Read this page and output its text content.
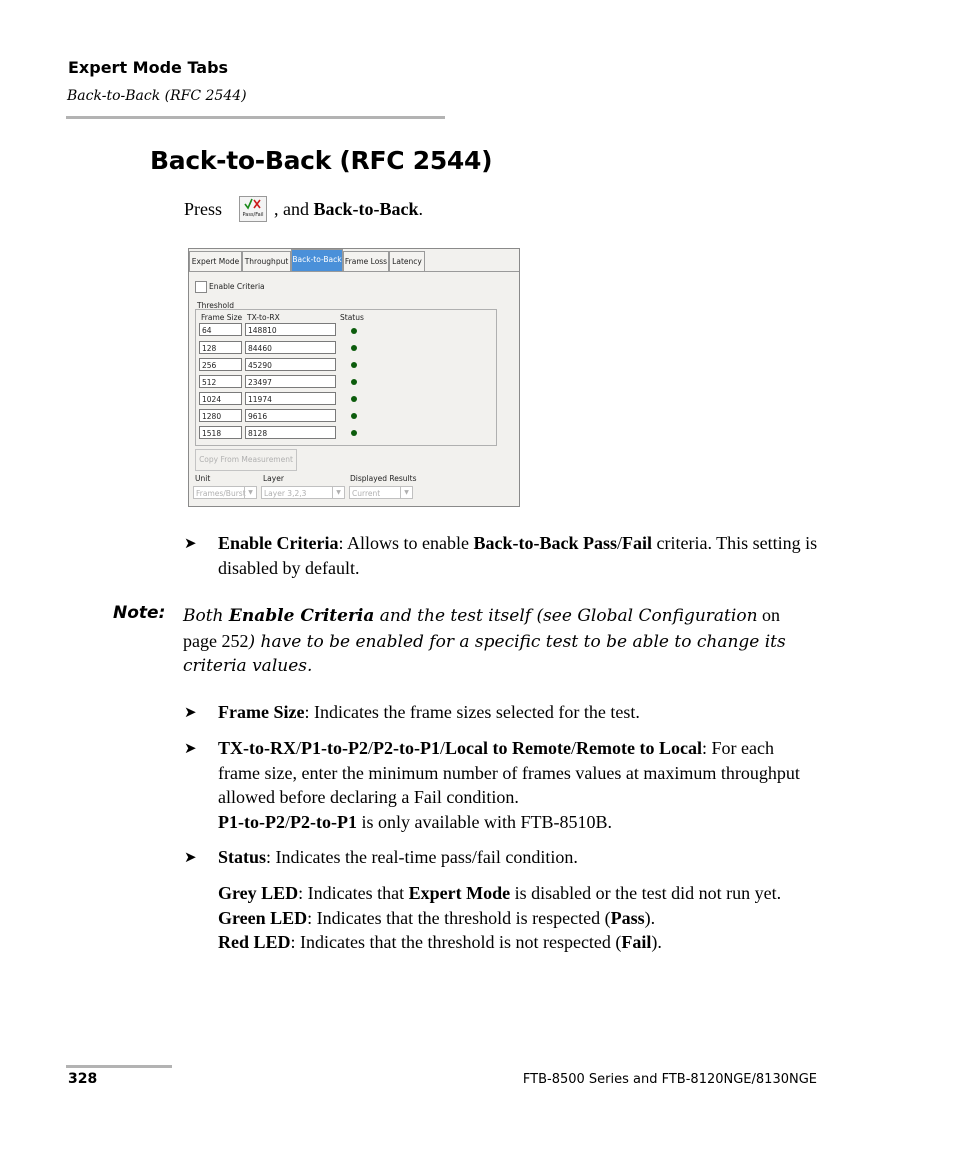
Expert Mode Tabs
Back-to-Back (RFC 2544)
Back-to-Back (RFC 2544)
Press	Pass/Fail , and
Back-to-Back .
Expert Mode Throughput Back-to-Back Frame Loss Latency
Enable Criteria
Threshold
Frame Size TX-to-RX	Status
64	148810
128	84460
256	45290
512	23497
1024	11974
1280	9616
1518	8128
Copy From Measurement
Unit
Frames/Burst ▼
Layer
Layer 3,2,3	▼
Displayed Results
Current	▼
➤ Enable Criteria: Allows to enable Back-to-Back Pass/Fail criteria. This setting is disabled by default.
Note: Both Enable Criteria and the test itself (see Global Configuration on page 252) have to be enabled for a specific test to be able to change its criteria values.
➤ Frame Size: Indicates the frame sizes selected for the test.
➤ TX-to-RX/P1-to-P2/P2-to-P1/Local to Remote/Remote to Local: For each frame size, enter the minimum number of frames values at maximum throughput allowed before declaring a Fail condition.
P1-to-P2/P2-to-P1 is only available with FTB-8510B.
➤ Status: Indicates the real-time pass/fail condition.
Grey LED: Indicates that Expert Mode is disabled or the test did not run yet.
Green LED: Indicates that the threshold is respected (Pass).
Red LED: Indicates that the threshold is not respected (Fail).
328	FTB-8500 Series and FTB-8120NGE/8130NGE
